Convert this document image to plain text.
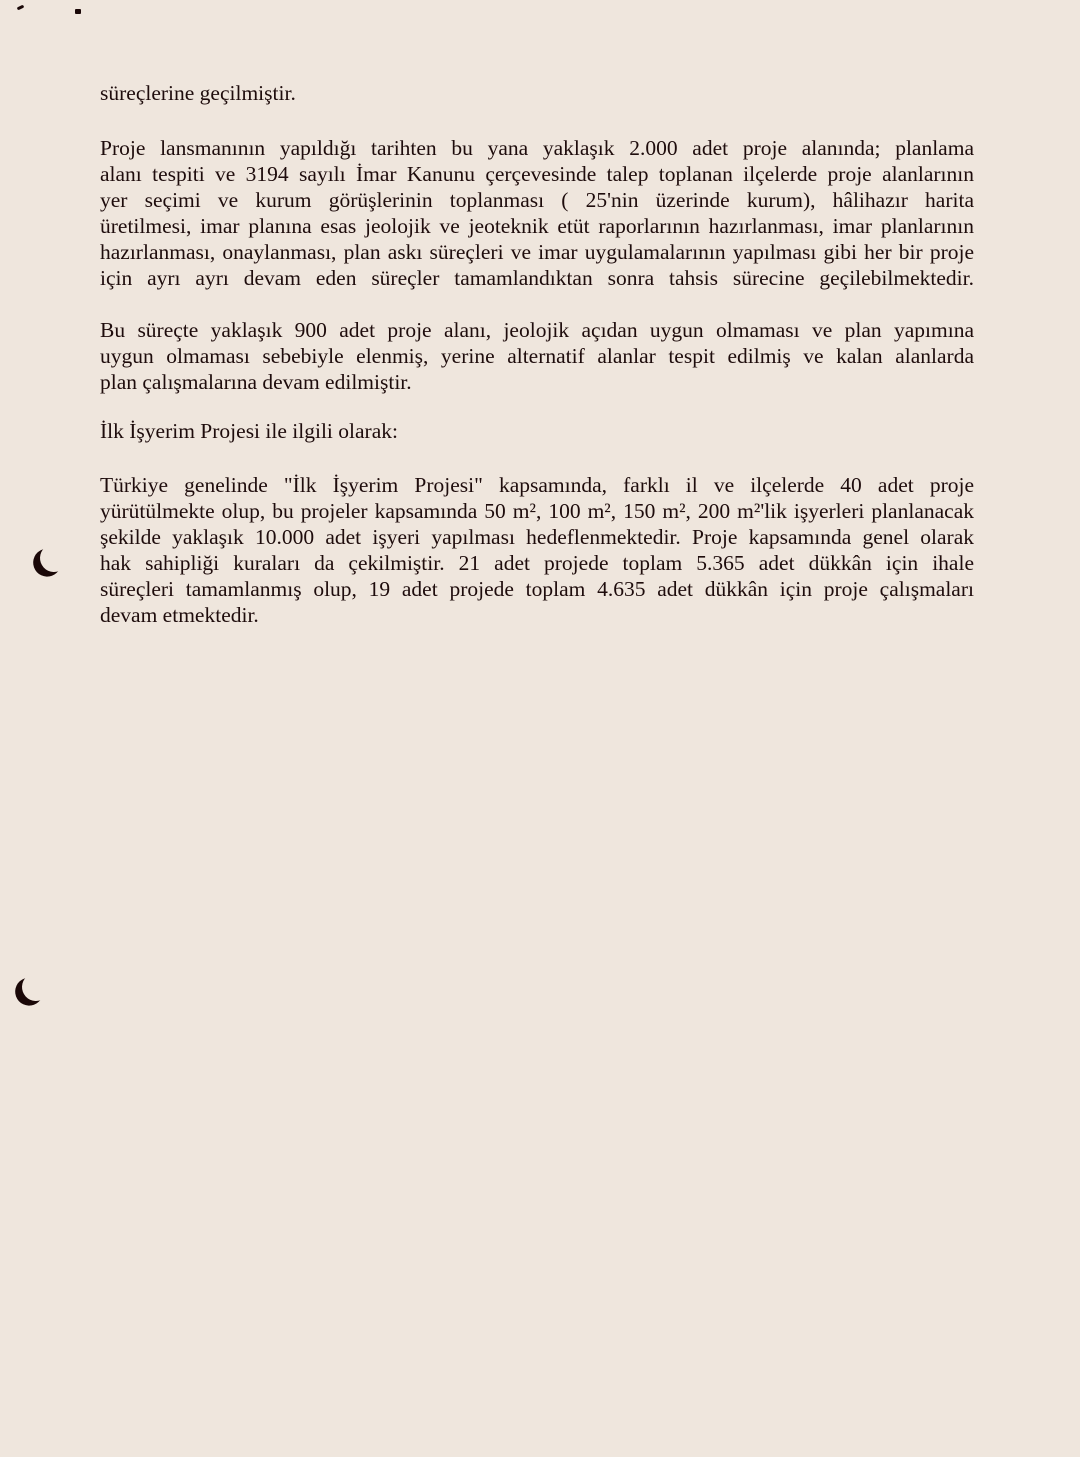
süreçlerine geçilmiştir.

Proje lansmanının yapıldığı tarihten bu yana yaklaşık 2.000 adet proje alanında; planlama
alanı tespiti ve 3194 sayılı İmar Kanunu çerçevesinde talep toplanan ilçelerde proje alanlarının
yer seçimi ve kurum görüşlerinin toplanması ( 25'nin üzerinde kurum), hâlihazır harita
üretilmesi, imar planına esas jeolojik ve jeoteknik etüt raporlarının hazırlanması, imar planlarının
hazırlanması, onaylanması, plan askı süreçleri ve imar uygulamalarının yapılması gibi her bir proje
için ayrı ayrı devam eden süreçler tamamlandıktan sonra tahsis sürecine geçilebilmektedir.

Bu süreçte yaklaşık 900 adet proje alanı, jeolojik açıdan uygun olmaması ve plan yapımına
uygun olmaması sebebiyle elenmiş, yerine alternatif alanlar tespit edilmiş ve kalan alanlarda
plan çalışmalarına devam edilmiştir.

İlk İşyerim Projesi ile ilgili olarak:

Türkiye genelinde "İlk İşyerim Projesi" kapsamında, farklı il ve ilçelerde 40 adet proje
yürütülmekte olup, bu projeler kapsamında 50 m², 100 m², 150 m², 200 m²'lik işyerleri planlanacak
şekilde yaklaşık 10.000 adet işyeri yapılması hedeflenmektedir. Proje kapsamında genel olarak
hak sahipliği kuraları da çekilmiştir. 21 adet projede toplam 5.365 adet dükkân için ihale
süreçleri tamamlanmış olup, 19 adet projede toplam 4.635 adet dükkân için proje çalışmaları
devam etmektedir.
